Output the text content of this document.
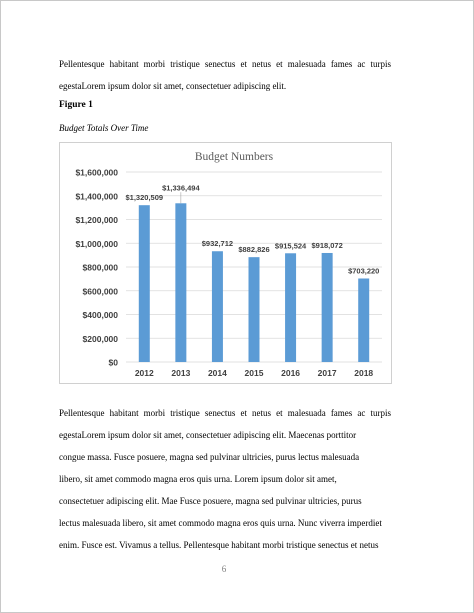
Pellentesque habitant morbi tristique senectus et netus et malesuada fames ac turpis
egestaLorem ipsum dolor sit amet, consectetuer adipiscing elit.
Figure 1
Budget Totals Over Time
Budget Numbers
$0
$200,000
$400,000
$600,000
$800,000
$1,000,000
$1,200,000
$1,400,000
$1,600,000
$1,320,509
2012
$1,336,494
2013
$932,712
2014
$882,826
2015
$915,524
2016
$918,072
2017
$703,220
2018
Pellentesque habitant morbi tristique senectus et netus et malesuada fames ac turpis
egestaLorem ipsum dolor sit amet, consectetuer adipiscing elit. Maecenas porttitor
congue massa. Fusce posuere, magna sed pulvinar ultricies, purus lectus malesuada
libero, sit amet commodo magna eros quis urna. Lorem ipsum dolor sit amet,
consectetuer adipiscing elit. Mae Fusce posuere, magna sed pulvinar ultricies, purus
lectus malesuada libero, sit amet commodo magna eros quis urna. Nunc viverra imperdiet
enim. Fusce est. Vivamus a tellus. Pellentesque habitant morbi tristique senectus et netus
6
